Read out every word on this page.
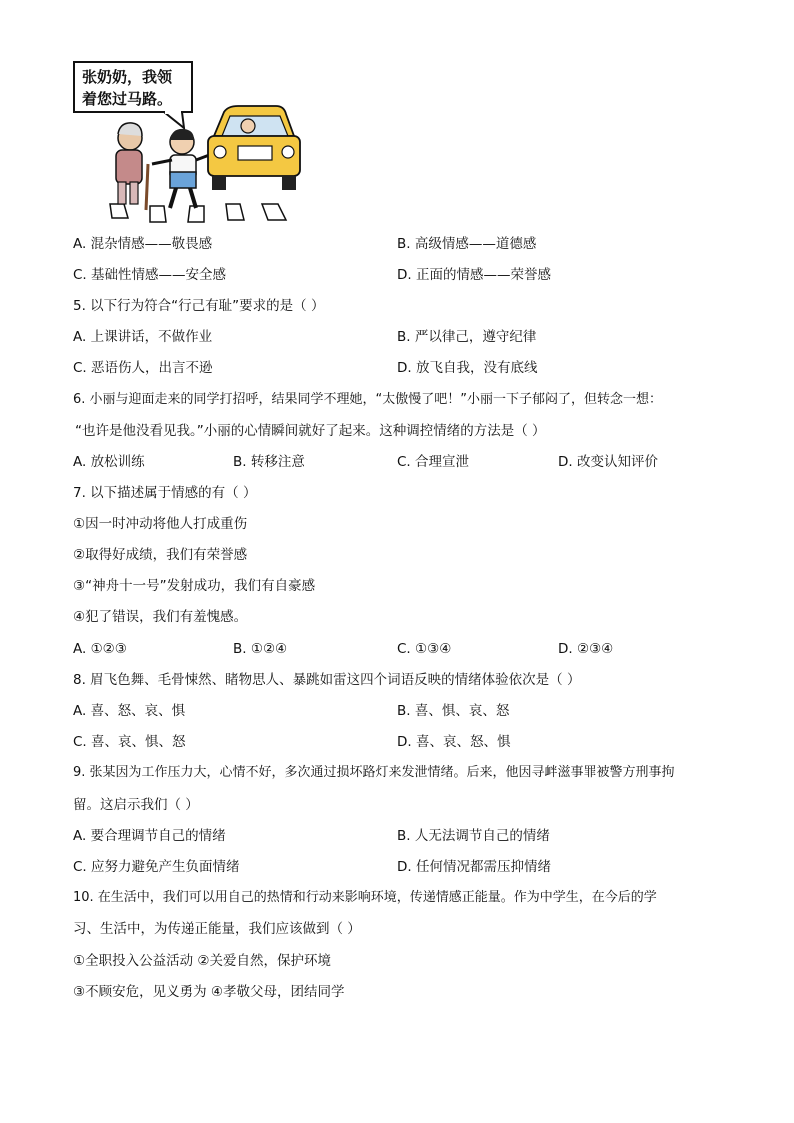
张奶奶，我领
着您过马路。
A. 混杂情感——敬畏感	B. 高级情感——道德感
C. 基础性情感——安全感	D. 正面的情感——荣誉感
5. 以下行为符合“行己有耻”要求的是（ ）
A. 上课讲话，不做作业	B. 严以律己，遵守纪律
C. 恶语伤人，出言不逊	D. 放飞自我，没有底线
6. 小丽与迎面走来的同学打招呼，结果同学不理她，“太傲慢了吧！”小丽一下子郁闷了，但转念一想：
“也许是他没看见我。”小丽的心情瞬间就好了起来。这种调控情绪的方法是（ ）
A. 放松训练	B. 转移注意	C. 合理宣泄	D. 改变认知评价
7. 以下描述属于情感的有（ ）
①因一时冲动将他人打成重伤
②取得好成绩，我们有荣誉感
③“神舟十一号”发射成功，我们有自豪感
④犯了错误，我们有羞愧感。
A. ①②③	B. ①②④	C. ①③④	D. ②③④
8. 眉飞色舞、毛骨悚然、睹物思人、暴跳如雷这四个词语反映的情绪体验依次是（ ）
A. 喜、怒、哀、惧	B. 喜、惧、哀、怒
C. 喜、哀、惧、怒	D. 喜、哀、怒、惧
9. 张某因为工作压力大，心情不好，多次通过损坏路灯来发泄情绪。后来，他因寻衅滋事罪被警方刑事拘
留。这启示我们（ ）
A. 要合理调节自己的情绪	B. 人无法调节自己的情绪
C. 应努力避免产生负面情绪	D. 任何情况都需压抑情绪
10. 在生活中，我们可以用自己的热情和行动来影响环境，传递情感正能量。作为中学生，在今后的学
习、生活中，为传递正能量，我们应该做到（ ）
①全职投入公益活动 ②关爱自然，保护环境
③不顾安危，见义勇为 ④孝敬父母，团结同学
